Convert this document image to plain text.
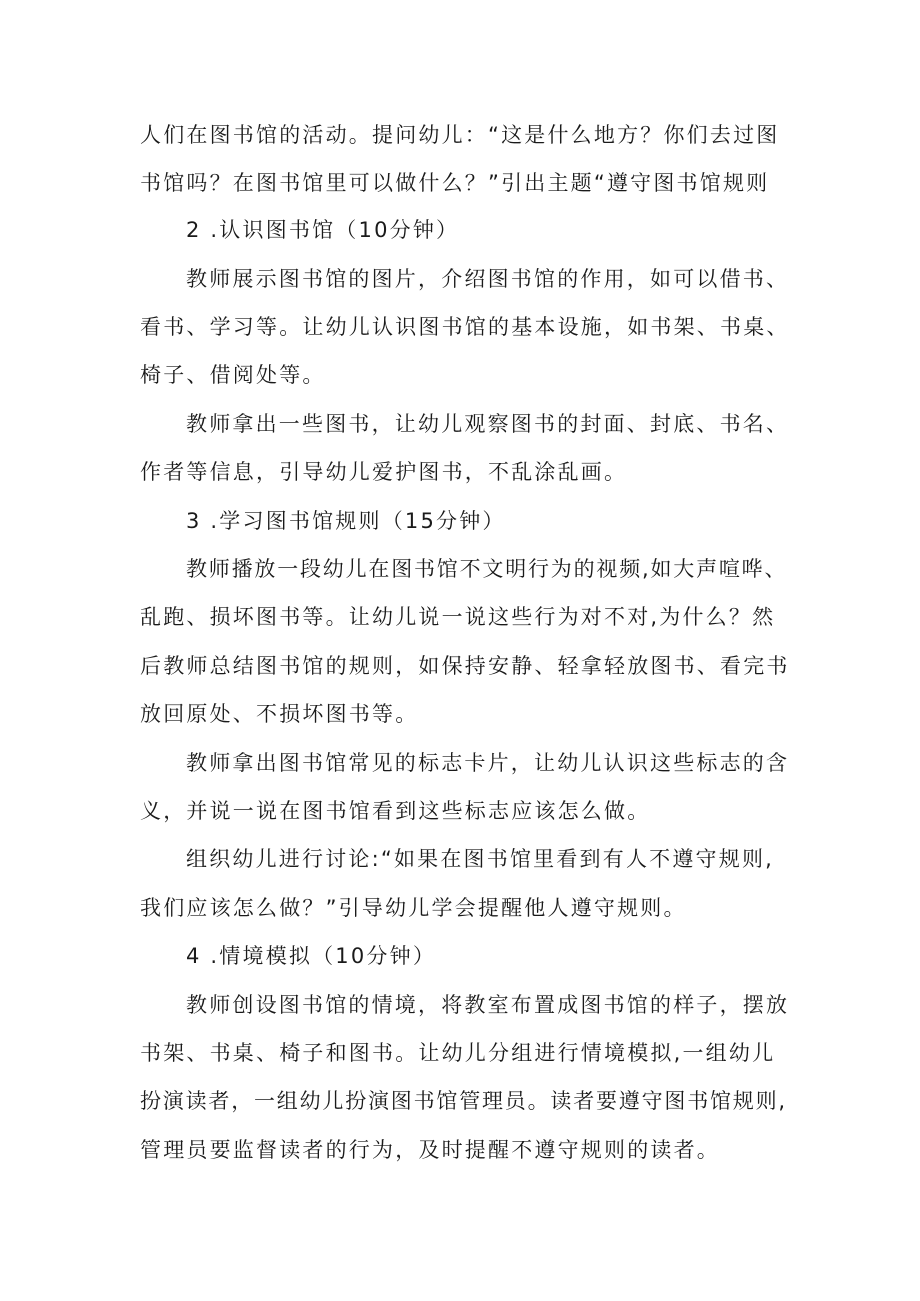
人们在图书馆的活动。提问幼儿：“这是什么地方？你们去过图
书馆吗？在图书馆里可以做什么？”引出主题“遵守图书馆规则
2 .认识图书馆（10分钟）
教师展示图书馆的图片，介绍图书馆的作用，如可以借书、
看书、学习等。让幼儿认识图书馆的基本设施，如书架、书桌、
椅子、借阅处等。
教师拿出一些图书，让幼儿观察图书的封面、封底、书名、
作者等信息，引导幼儿爱护图书，不乱涂乱画。
3 .学习图书馆规则（15分钟）
教师播放一段幼儿在图书馆不文明行为的视频,如大声喧哗、
乱跑、损坏图书等。让幼儿说一说这些行为对不对,为什么？然
后教师总结图书馆的规则，如保持安静、轻拿轻放图书、看完书
放回原处、不损坏图书等。
教师拿出图书馆常见的标志卡片，让幼儿认识这些标志的含
义，并说一说在图书馆看到这些标志应该怎么做。
组织幼儿进行讨论:“如果在图书馆里看到有人不遵守规则,
我们应该怎么做？”引导幼儿学会提醒他人遵守规则。
4 .情境模拟（10分钟）
教师创设图书馆的情境，将教室布置成图书馆的样子，摆放
书架、书桌、椅子和图书。让幼儿分组进行情境模拟,一组幼儿
扮演读者，一组幼儿扮演图书馆管理员。读者要遵守图书馆规则,
管理员要监督读者的行为，及时提醒不遵守规则的读者。
